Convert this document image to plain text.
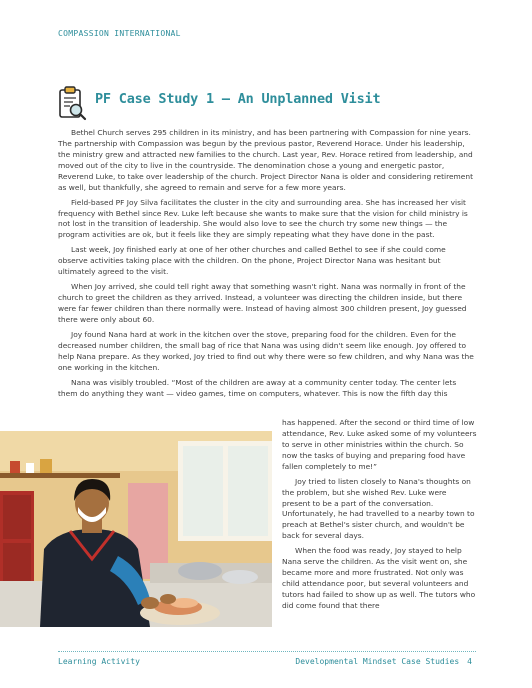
COMPASSION INTERNATIONAL
PF Case Study 1 – An Unplanned Visit

Bethel Church serves 295 children in its ministry, and has been partnering with Compassion for nine years. The partnership with Compassion was begun by the previous pastor, Reverend Horace. Under his leadership, the ministry grew and attracted new families to the church. Last year, Rev. Horace retired from leadership, and moved out of the city to live in the countryside. The denomination chose a young and energetic pastor, Reverend Luke, to take over leadership of the church. Project Director Nana is older and considering retirement as well, but thankfully, she agreed to remain and serve for a few more years.

Field-based PF Joy Silva facilitates the cluster in the city and surrounding area. She has increased her visit frequency with Bethel since Rev. Luke left because she wants to make sure that the vision for child ministry is not lost in the transition of leadership. She would also love to see the church try some new things — the program activities are ok, but it feels like they are simply repeating what they have done in the past.

Last week, Joy finished early at one of her other churches and called Bethel to see if she could come observe activities taking place with the children. On the phone, Project Director Nana was hesitant but ultimately agreed to the visit.

When Joy arrived, she could tell right away that something wasn't right. Nana was normally in front of the church to greet the children as they arrived. Instead, a volunteer was directing the children inside, but there were far fewer children than there normally were. Instead of having almost 300 children present, Joy guessed there were only about 60.

Joy found Nana hard at work in the kitchen over the stove, preparing food for the children. Even for the decreased number children, the small bag of rice that Nana was using didn't seem like enough. Joy offered to help Nana prepare. As they worked, Joy tried to find out why there were so few children, and why Nana was the one working in the kitchen.

Nana was visibly troubled. “Most of the children are away at a community center today. The center lets them do anything they want — video games, time on computers, whatever. This is now the fifth day this

has happened. After the second or third time of low attendance, Rev. Luke asked some of my volunteers to serve in other ministries within the church. So now the tasks of buying and preparing food have fallen completely to me!”

Joy tried to listen closely to Nana's thoughts on the problem, but she wished Rev. Luke were present to be a part of the conversation. Unfortunately, he had travelled to a nearby town to preach at Bethel's sister church, and wouldn't be back for several days.

When the food was ready, Joy stayed to help Nana serve the children. As the visit went on, she became more and more frustrated. Not only was child attendance poor, but several volunteers and tutors had failed to show up as well. The tutors who did come found that there

Learning Activity	Developmental Mindset Case Studies 4
